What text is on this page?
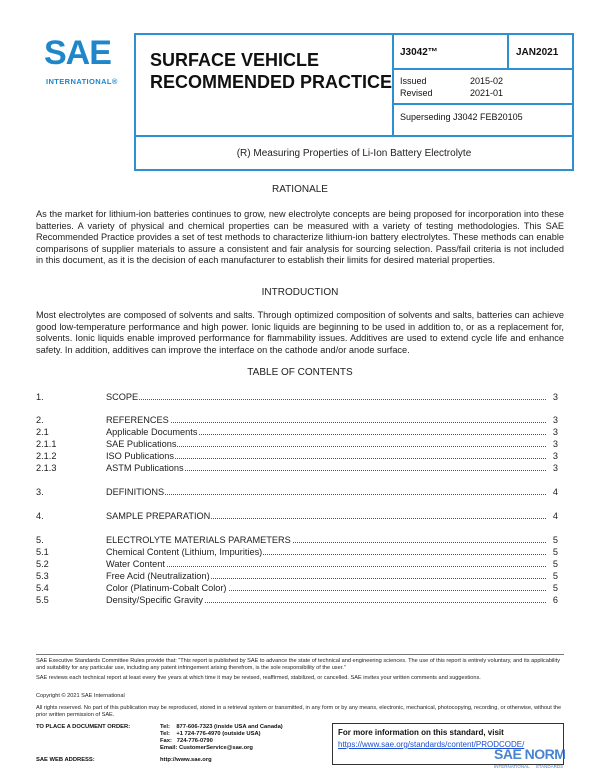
SAE
INTERNATIONAL®
SURFACE VEHICLE
RECOMMENDED PRACTICE
J3042™	JAN2021
Issued	2015-02
Revised	2021-01
Superseding J3042 FEB20105
(R) Measuring Properties of Li-Ion Battery Electrolyte
RATIONALE
As the market for lithium-ion batteries continues to grow, new electrolyte concepts are being proposed for incorporation into these batteries. A variety of physical and chemical properties can be measured with a variety of testing methodologies. This SAE Recommended Practice provides a set of test methods to characterize lithium-ion battery electrolytes. These methods can enable comparisons of supplier materials to assure a consistent and fair analysis for sourcing selection. Pass/fail criteria is not included in this document, as it is the decision of each manufacturer to establish their limits for desired material properties.
INTRODUCTION
Most electrolytes are composed of solvents and salts. Through optimized composition of solvents and salts, batteries can achieve good low-temperature performance and high power. Ionic liquids are beginning to be used in addition to, or as a replacement for, solvents. Ionic liquids enable improved performance for flammability issues. Additives are used to extend cycle life and enhance safety. In addition, additives can improve the interface on the cathode and/or anode surface.
TABLE OF CONTENTS
1.	SCOPE	3
2.	REFERENCES	3
2.1	Applicable Documents	3
2.1.1	SAE Publications	3
2.1.2	ISO Publications	3
2.1.3	ASTM Publications	3
3.	DEFINITIONS	4
4.	SAMPLE PREPARATION	4
5.	ELECTROLYTE MATERIALS PARAMETERS	5
5.1	Chemical Content (Lithium, Impurities)	5
5.2	Water Content	5
5.3	Free Acid (Neutralization)	5
5.4	Color (Platinum-Cobalt Color)	5
5.5	Density/Specific Gravity	6
SAE Executive Standards Committee Rules provide that: “This report is published by SAE to advance the state of technical and engineering sciences. The use of this report is entirely voluntary, and its applicability and suitability for any particular use, including any patent infringement arising therefrom, is the sole responsibility of the user.”
SAE reviews each technical report at least every five years at which time it may be revised, reaffirmed, stabilized, or cancelled. SAE invites your written comments and suggestions.
Copyright © 2021 SAE International
All rights reserved. No part of this publication may be reproduced, stored in a retrieval system or transmitted, in any form or by any means, electronic, mechanical, photocopying, recording, or otherwise, without the prior written permission of SAE.
TO PLACE A DOCUMENT ORDER:	Tel:    877-606-7323 (inside USA and Canada)
Tel:    +1 724-776-4970 (outside USA)
Fax:   724-776-0790
Email: CustomerService@sae.org
SAE WEB ADDRESS:	http://www.sae.org
For more information on this standard, visit
https://www.sae.org/standards/content/PRODCODE/
SAE NORM
INTERNATIONAL     STANDARDS
